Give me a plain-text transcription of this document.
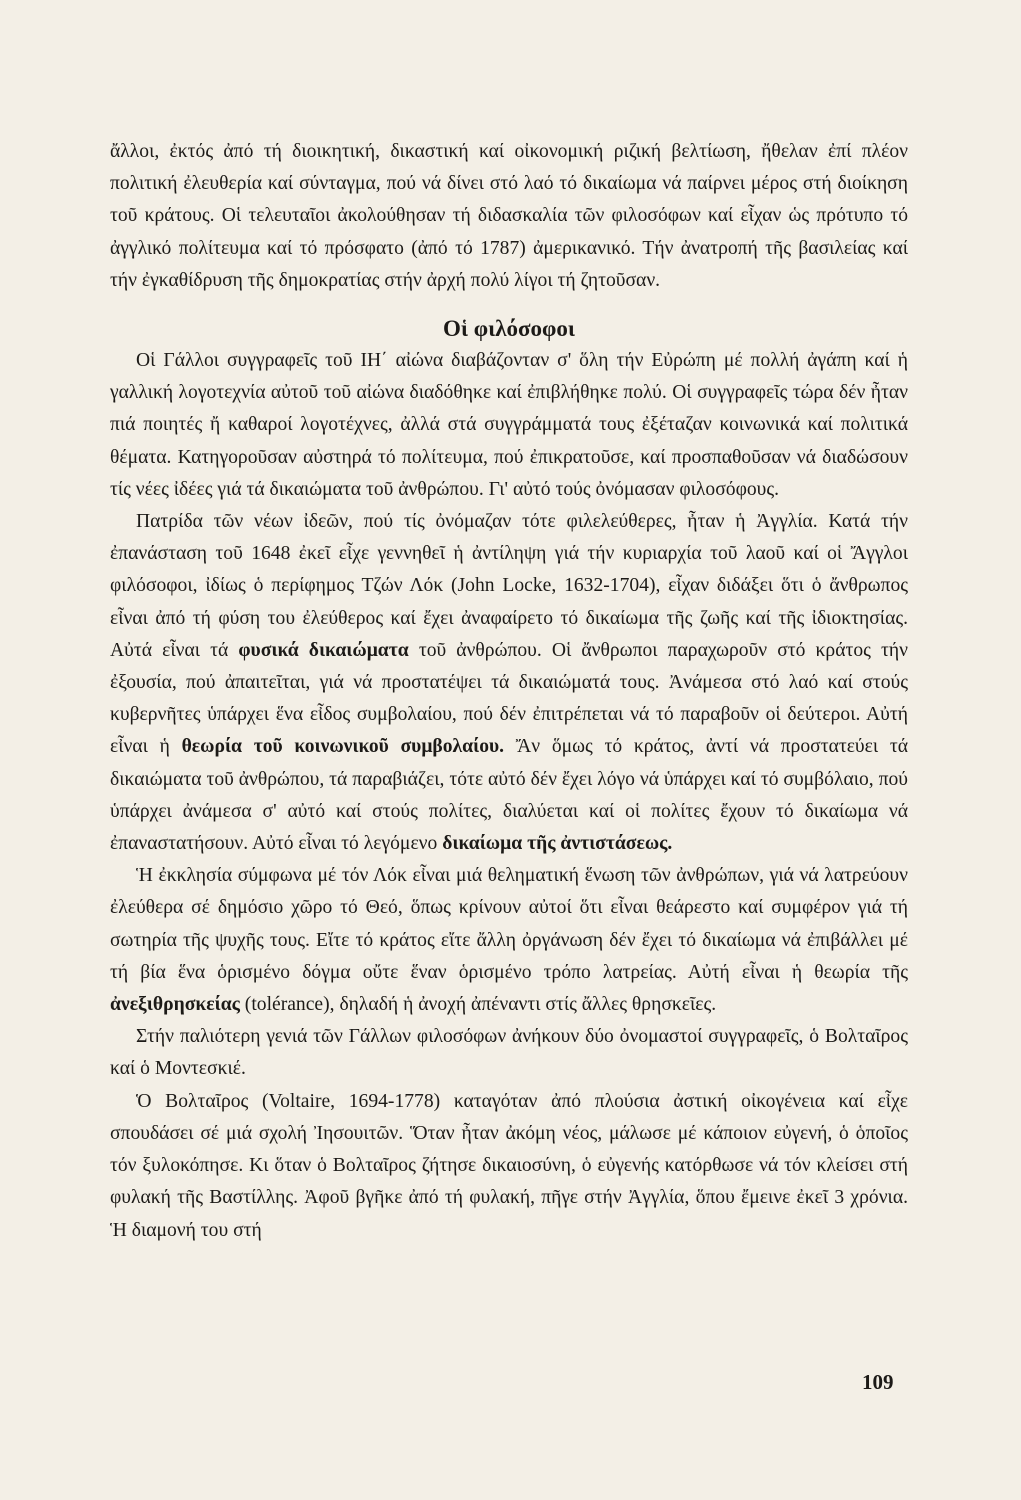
ἄλλοι, ἐκτός ἀπό τή διοικητική, δικαστική καί οἰκονομική ριζική βελτίωση, ἤθελαν ἐπί πλέον πολιτική ἐλευθερία καί σύνταγμα, πού νά δίνει στό λαό τό δικαίωμα νά παίρνει μέρος στή διοίκηση τοῦ κράτους. Οἱ τελευταῖοι ἀκολούθησαν τή διδασκαλία τῶν φιλοσόφων καί εἶχαν ὡς πρότυπο τό ἀγγλικό πολίτευμα καί τό πρόσφατο (ἀπό τό 1787) ἀμερικανικό. Τήν ἀνατροπή τῆς βασιλείας καί τήν ἐγκαθίδρυση τῆς δημοκρατίας στήν ἀρχή πολύ λίγοι τή ζητοῦσαν.

Οἱ φιλόσοφοι

Οἱ Γάλλοι συγγραφεῖς τοῦ ΙΗ΄ αἰώνα διαβάζονταν σ' ὅλη τήν Εὐρώπη μέ πολλή ἀγάπη καί ἡ γαλλική λογοτεχνία αὐτοῦ τοῦ αἰώνα διαδόθηκε καί ἐπιβλήθηκε πολύ. Οἱ συγγραφεῖς τώρα δέν ἦταν πιά ποιητές ἤ καθαροί λογοτέχνες, ἀλλά στά συγγράμματά τους ἐξέταζαν κοινωνικά καί πολιτικά θέματα. Κατηγοροῦσαν αὐστηρά τό πολίτευμα, πού ἐπικρατοῦσε, καί προσπαθοῦσαν νά διαδώσουν τίς νέες ἰδέες γιά τά δικαιώματα τοῦ ἀνθρώπου. Γι' αὐτό τούς ὀνόμασαν φιλοσόφους.

Πατρίδα τῶν νέων ἰδεῶν, πού τίς ὀνόμαζαν τότε φιλελεύθερες, ἦταν ἡ Ἀγγλία. Κατά τήν ἐπανάσταση τοῦ 1648 ἐκεῖ εἶχε γεννηθεῖ ἡ ἀντίληψη γιά τήν κυριαρχία τοῦ λαοῦ καί οἱ Ἄγγλοι φιλόσοφοι, ἰδίως ὁ περίφημος Τζών Λόκ (John Locke, 1632-1704), εἶχαν διδάξει ὅτι ὁ ἄνθρωπος εἶναι ἀπό τή φύση του ἐλεύθερος καί ἔχει ἀναφαίρετο τό δικαίωμα τῆς ζωῆς καί τῆς ἰδιοκτησίας. Αὐτά εἶναι τά φυσικά δικαιώματα τοῦ ἀνθρώπου. Οἱ ἄνθρωποι παραχωροῦν στό κράτος τήν ἐξουσία, πού ἀπαιτεῖται, γιά νά προστατέψει τά δικαιώματά τους. Ἀνάμεσα στό λαό καί στούς κυβερνῆτες ὑπάρχει ἕνα εἶδος συμβολαίου, πού δέν ἐπιτρέπεται νά τό παραβοῦν οἱ δεύτεροι. Αὐτή εἶναι ἡ θεωρία τοῦ κοινωνικοῦ συμβολαίου. Ἄν ὅμως τό κράτος, ἀντί νά προστατεύει τά δικαιώματα τοῦ ἀνθρώπου, τά παραβιάζει, τότε αὐτό δέν ἔχει λόγο νά ὑπάρχει καί τό συμβόλαιο, πού ὑπάρχει ἀνάμεσα σ' αὐτό καί στούς πολίτες, διαλύεται καί οἱ πολίτες ἔχουν τό δικαίωμα νά ἐπαναστατήσουν. Αὐτό εἶναι τό λεγόμενο δικαίωμα τῆς ἀντιστάσεως.

Ἡ ἐκκλησία σύμφωνα μέ τόν Λόκ εἶναι μιά θεληματική ἕνωση τῶν ἀνθρώπων, γιά νά λατρεύουν ἐλεύθερα σέ δημόσιο χῶρο τό Θεό, ὅπως κρίνουν αὐτοί ὅτι εἶναι θεάρεστο καί συμφέρον γιά τή σωτηρία τῆς ψυχῆς τους. Εἴτε τό κράτος εἴτε ἄλλη ὀργάνωση δέν ἔχει τό δικαίωμα νά ἐπιβάλλει μέ τή βία ἕνα ὁρισμένο δόγμα οὔτε ἕναν ὁρισμένο τρόπο λατρείας. Αὐτή εἶναι ἡ θεωρία τῆς ἀνεξιθρησκείας (tolérance), δηλαδή ἡ ἀνοχή ἀπέναντι στίς ἄλλες θρησκεῖες.

Στήν παλιότερη γενιά τῶν Γάλλων φιλοσόφων ἀνήκουν δύο ὀνομαστοί συγγραφεῖς, ὁ Βολταῖρος καί ὁ Μοντεσκιέ.

Ὁ Βολταῖρος (Voltaire, 1694-1778) καταγόταν ἀπό πλούσια ἀστική οἰκογένεια καί εἶχε σπουδάσει σέ μιά σχολή Ἰησουιτῶν. Ὅταν ἦταν ἀκόμη νέος, μάλωσε μέ κάποιον εὐγενή, ὁ ὁποῖος τόν ξυλοκόπησε. Κι ὅταν ὁ Βολταῖρος ζήτησε δικαιοσύνη, ὁ εὐγενής κατόρθωσε νά τόν κλείσει στή φυλακή τῆς Βαστίλλης. Ἀφοῦ βγῆκε ἀπό τή φυλακή, πῆγε στήν Ἀγγλία, ὅπου ἔμεινε ἐκεῖ 3 χρόνια. Ἡ διαμονή του στή

109
